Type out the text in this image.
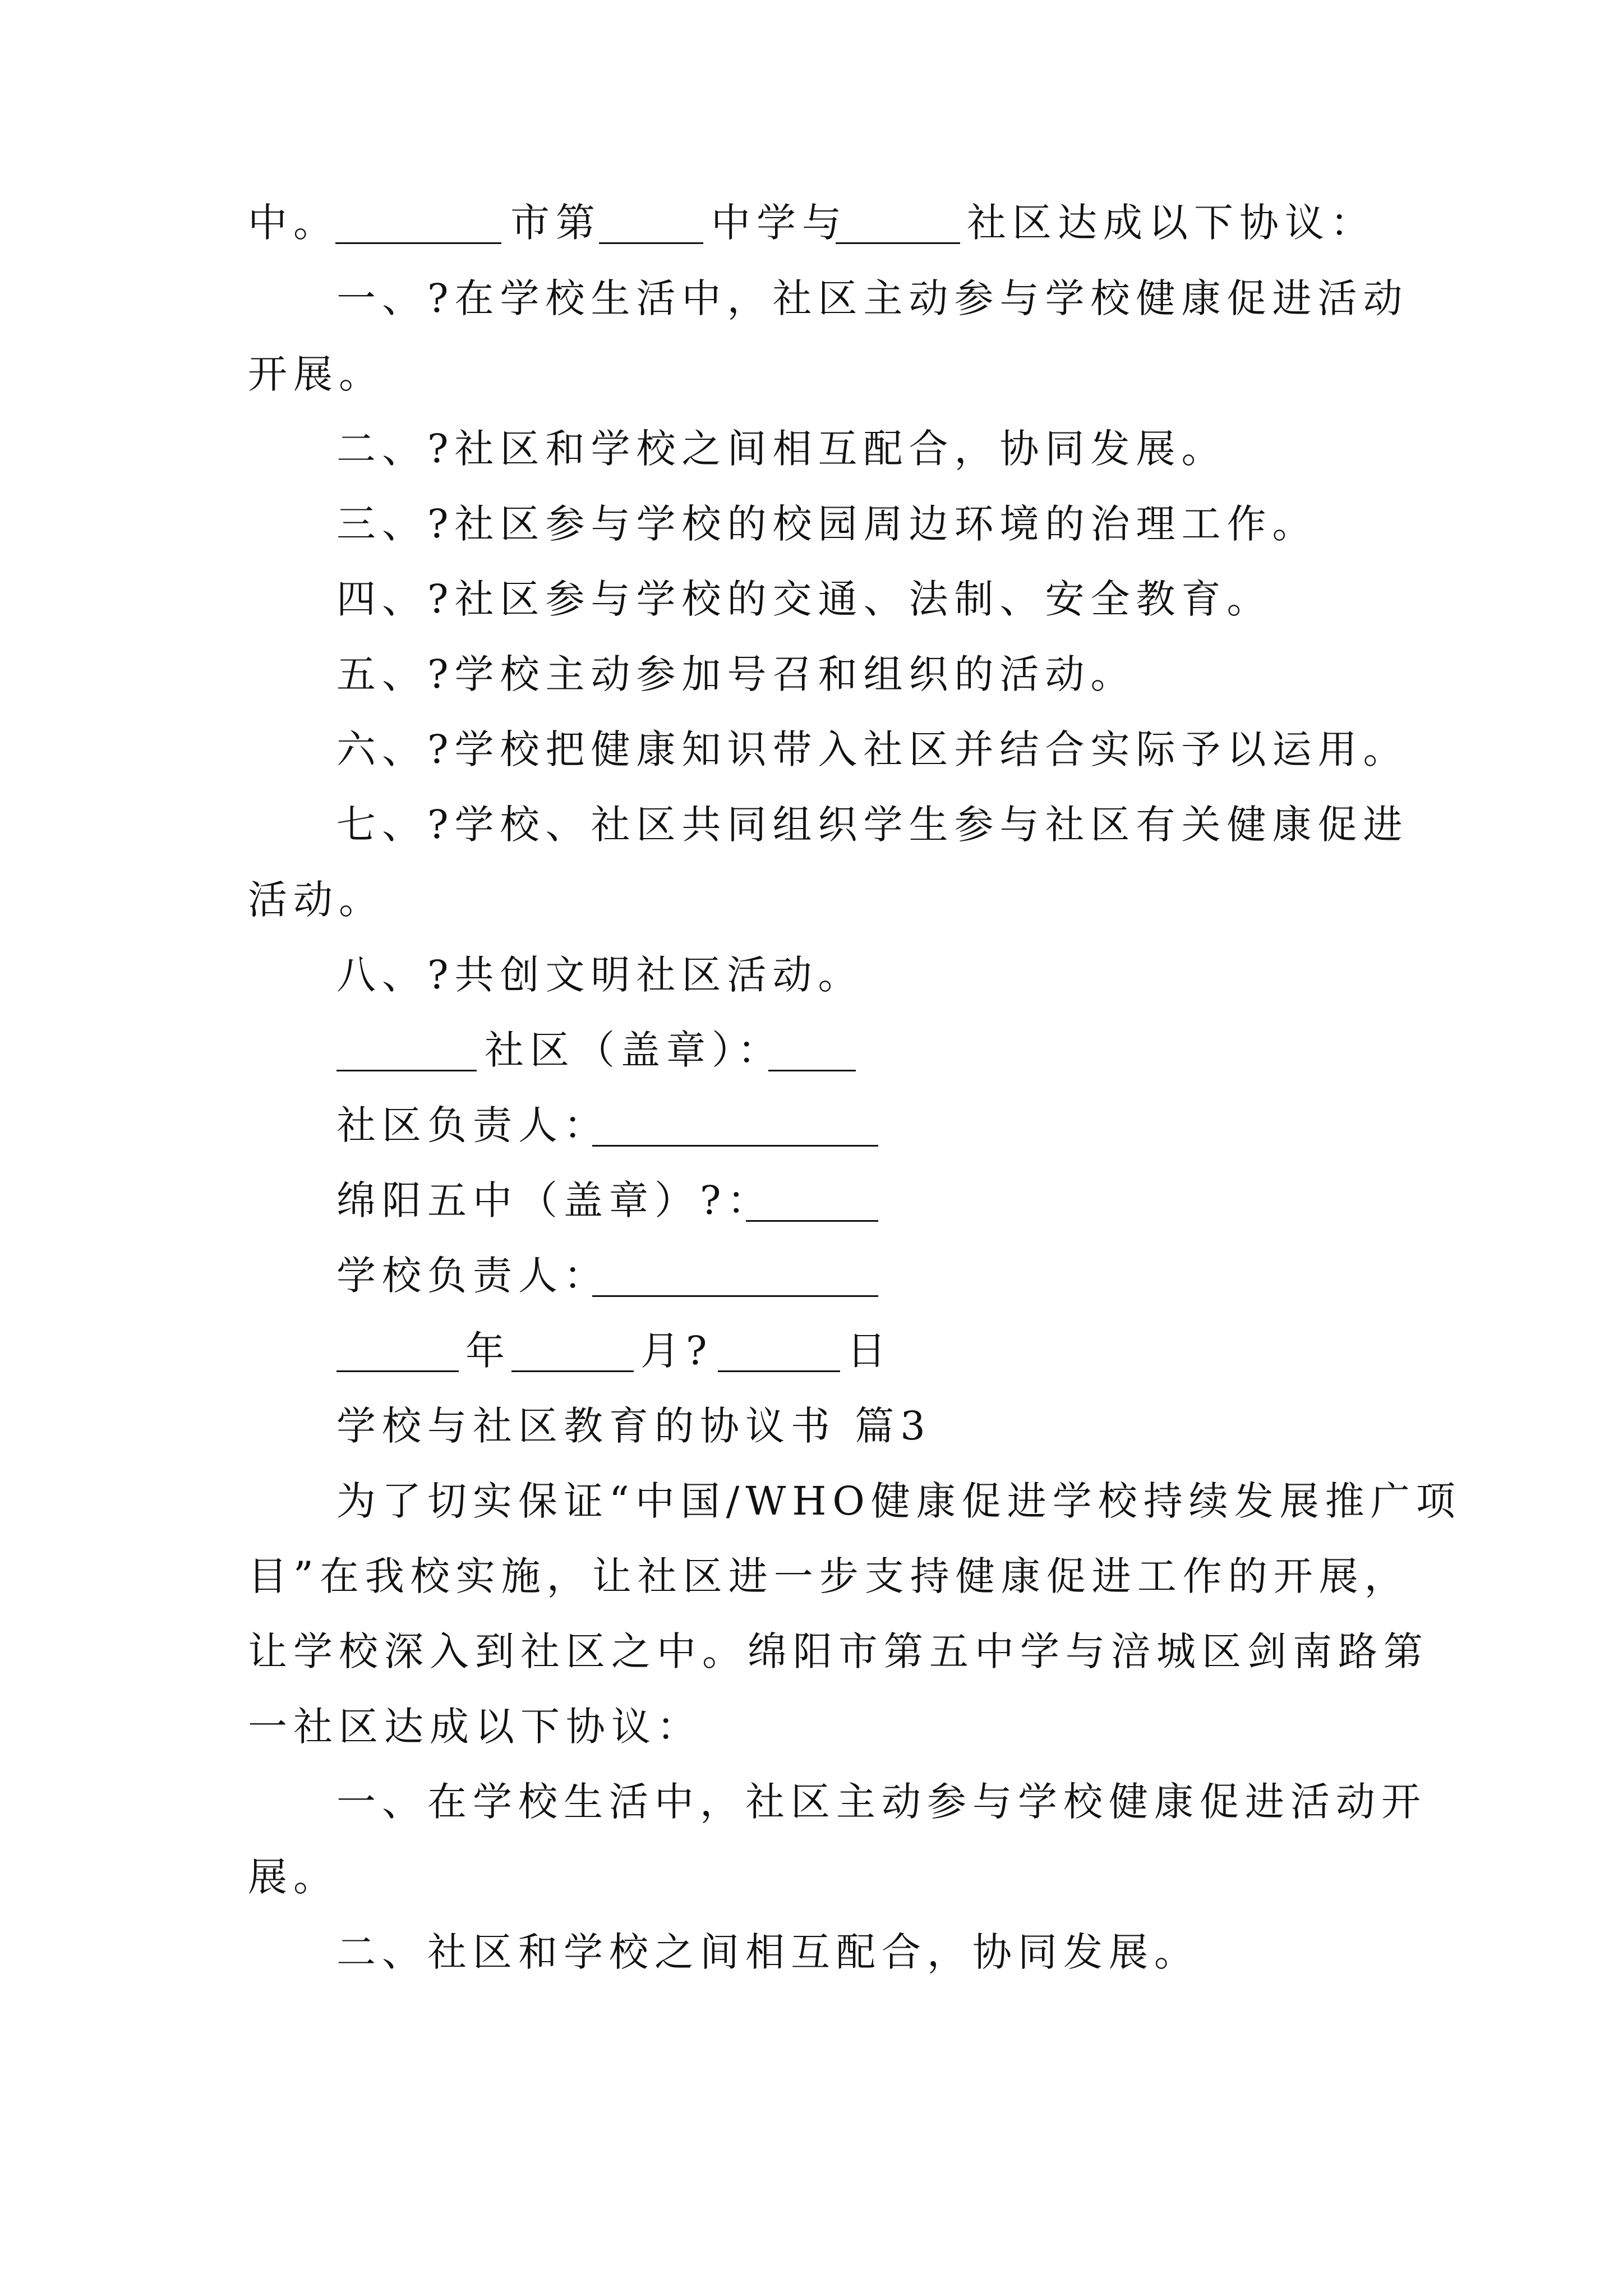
中。	市第	中学与	社区达成以下协议：
一、?在学校生活中，社区主动参与学校健康促进活动
开展。
二、?社区和学校之间相互配合，协同发展。
三、?社区参与学校的校园周边环境的治理工作。
四、?社区参与学校的交通、法制、安全教育。
五、?学校主动参加号召和组织的活动。
六、?学校把健康知识带入社区并结合实际予以运用。
七、?学校、社区共同组织学生参与社区有关健康促进
活动。
八、?共创文明社区活动。
社区（盖章）：
社区负责人：
绵阳五中（盖章）?：
学校负责人：
年	月?	日
学校与社区教育的协议书 篇3
为了切实保证“中国/WHO健康促进学校持续发展推广项
目”在我校实施，让社区进一步支持健康促进工作的开展，
让学校深入到社区之中。绵阳市第五中学与涪城区剑南路第
一社区达成以下协议：
一、在学校生活中，社区主动参与学校健康促进活动开
展。
二、社区和学校之间相互配合，协同发展。
